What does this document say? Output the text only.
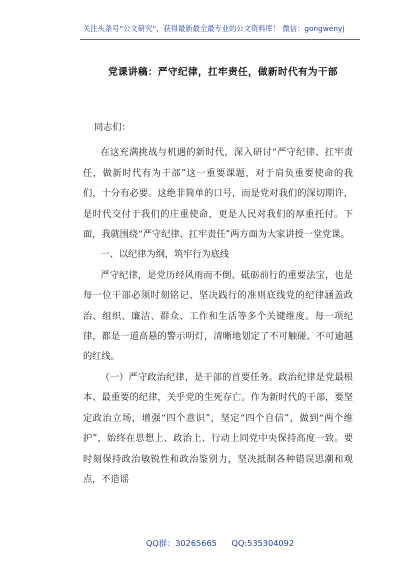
关注头条号“公文研究”，获得最新最全最专业的公文资料库！ 微信：gongwenyj
党课讲稿：严守纪律，扛牢责任，做新时代有为干部

同志们：

在这充满挑战与机遇的新时代，深入研讨“严守纪律、扛牢责任，做新时代有为干部”这一重要课题，对于肩负重要使命的我们，十分有必要。这绝非简单的口号，而是党对我们的深切期许，是时代交付于我们的庄重使命，更是人民对我们的厚重托付。下面，我就围绕“严守纪律、扛牢责任”两方面为大家讲授一堂党课。

一、以纪律为纲，筑牢行为底线

严守纪律，是党历经风雨而不倒、砥砺前行的重要法宝，也是每一位干部必须时刻铭记、坚决践行的准则底线党的纪律涵盖政治、组织、廉洁、群众、工作和生活等多个关键维度。每一项纪律，都是一道高悬的警示明灯，清晰地划定了不可触碰、不可逾越的红线。

（一）严守政治纪律，是干部的首要任务。政治纪律是党最根本、最重要的纪律，关乎党的生死存亡。作为新时代的干部，要坚定政治立场，增强“四个意识”，坚定“四个自信”，做到“两个维护”，始终在思想上、政治上、行动上同党中央保持高度一致。要时刻保持政治敏锐性和政治鉴别力，坚决抵制各种错误思潮和观点，不造谣

QQ群：30265665 QQ:535304092
